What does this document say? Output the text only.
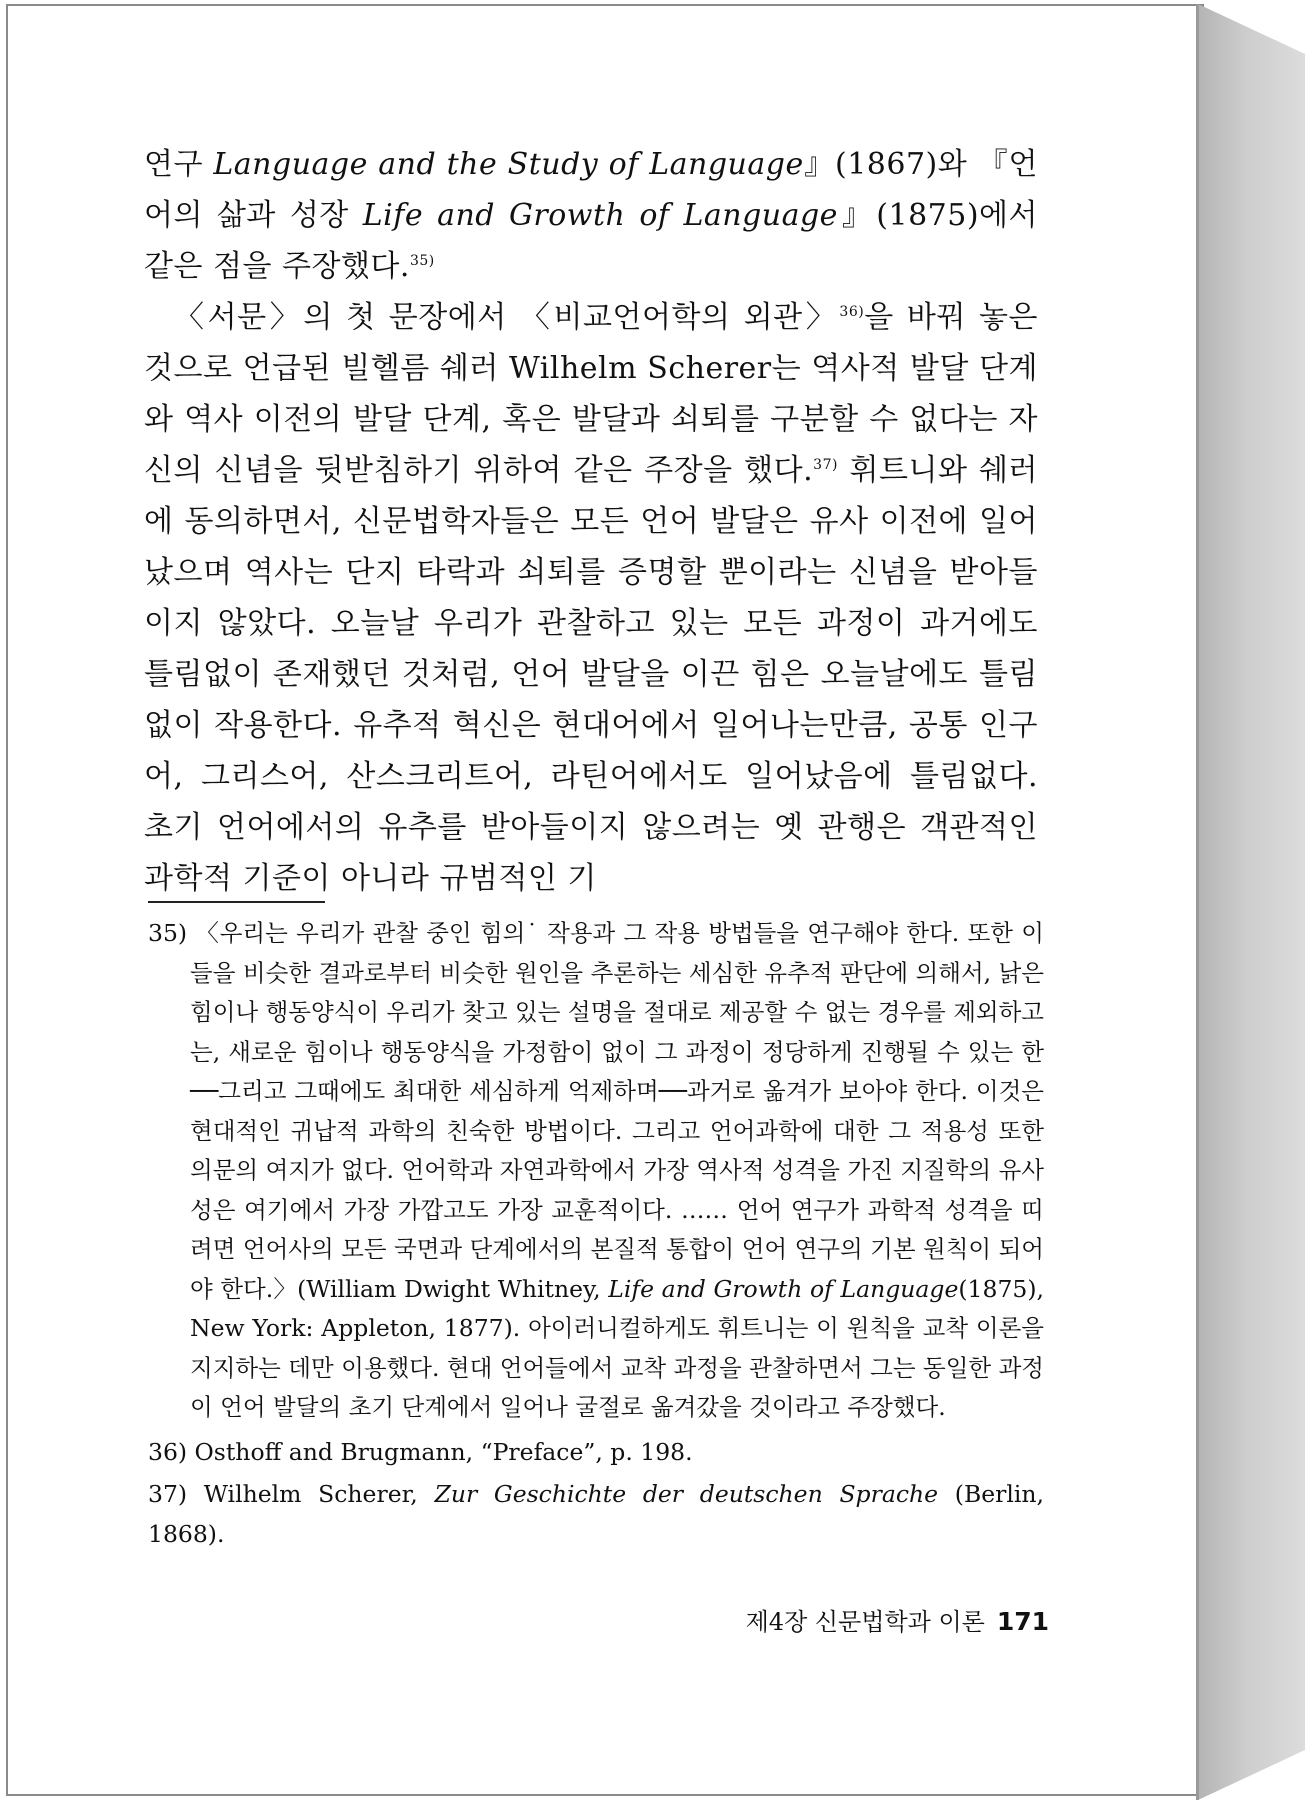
연구 Language and the Study of Language』(1867)와 『언어의 삶과 성장 Life and Growth of Language』(1875)에서 같은 점을 주장했다.$^{35)}$

〈서문〉의 첫 문장에서 〈비교언어학의 외관〉$^{36)}$을 바꿔 놓은 것으로 언급된 빌헬름 쉐러 Wilhelm Scherer는 역사적 발달 단계와 역사 이전의 발달 단계, 혹은 발달과 쇠퇴를 구분할 수 없다는 자신의 신념을 뒷받침하기 위하여 같은 주장을 했다.$^{37)}$ 휘트니와 쉐러에 동의하면서, 신문법학자들은 모든 언어 발달은 유사 이전에 일어났으며 역사는 단지 타락과 쇠퇴를 증명할 뿐이라는 신념을 받아들이지 않았다. 오늘날 우리가 관찰하고 있는 모든 과정이 과거에도 틀림없이 존재했던 것처럼, 언어 발달을 이끈 힘은 오늘날에도 틀림없이 작용한다. 유추적 혁신은 현대어에서 일어나는만큼, 공통 인구어, 그리스어, 산스크리트어, 라틴어에서도 일어났음에 틀림없다. 초기 언어에서의 유추를 받아들이지 않으려는 옛 관행은 객관적인 과학적 기준이 아니라 규범적인 기

35) 〈우리는 우리가 관찰 중인 힘의˙ 작용과 그 작용 방법들을 연구해야 한다. 또한 이들을 비슷한 결과로부터 비슷한 원인을 추론하는 세심한 유추적 판단에 의해서, 낡은 힘이나 행동양식이 우리가 찾고 있는 설명을 절대로 제공할 수 없는 경우를 제외하고는, 새로운 힘이나 행동양식을 가정함이 없이 그 과정이 정당하게 진행될 수 있는 한──그리고 그때에도 최대한 세심하게 억제하며──과거로 옮겨가 보아야 한다. 이것은 현대적인 귀납적 과학의 친숙한 방법이다. 그리고 언어과학에 대한 그 적용성 또한 의문의 여지가 없다. 언어학과 자연과학에서 가장 역사적 성격을 가진 지질학의 유사성은 여기에서 가장 가깝고도 가장 교훈적이다. …… 언어 연구가 과학적 성격을 띠려면 언어사의 모든 국면과 단계에서의 본질적 통합이 언어 연구의 기본 원칙이 되어야 한다.〉(William Dwight Whitney, Life and Growth of Language(1875), New York: Appleton, 1877). 아이러니컬하게도 휘트니는 이 원칙을 교착 이론을 지지하는 데만 이용했다. 현대 언어들에서 교착 과정을 관찰하면서 그는 동일한 과정이 언어 발달의 초기 단계에서 일어나 굴절로 옮겨갔을 것이라고 주장했다.

36) Osthoff and Brugmann, “Preface”, p. 198.

37) Wilhelm Scherer, Zur Geschichte der deutschen Sprache (Berlin, 1868).

제4장 신문법학과 이론 171
